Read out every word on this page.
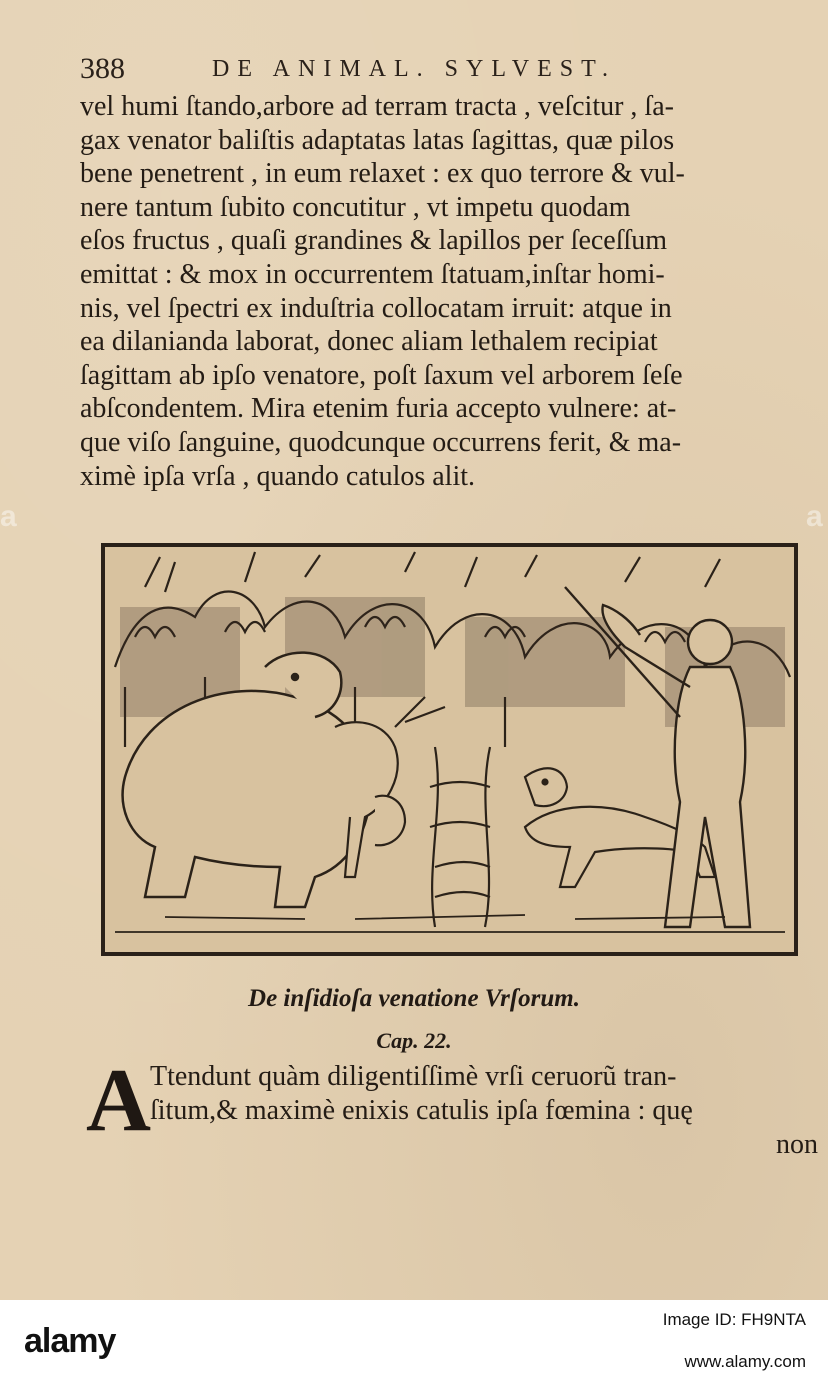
388	DE ANIMAL. SYLVEST.
vel humi ſtando,arbore ad terram tracta , veſcitur , ſa-
gax venator baliſtis adaptatas latas ſagittas, quæ pilos
bene penetrent , in eum relaxet : ex quo terrore & vul-
nere tantum ſubito concutitur , vt impetu quodam
eſos fructus , quaſi grandines & lapillos per ſeceſſum
emittat : & mox in occurrentem ſtatuam,inſtar homi-
nis, vel ſpectri ex induſtria collocatam irruit: atque in
ea dilanianda laborat, donec aliam lethalem recipiat
ſagittam ab ipſo venatore, poſt ſaxum vel arborem ſeſe
abſcondentem. Mira etenim furia accepto vulnere: at-
que viſo ſanguine, quodcunque occurrens ferit, & ma-
ximè ipſa vrſa , quando catulos alit.
De inſidioſa venatione Vrſorum.
Cap. 22.
A Ttendunt quàm diligentiſſimè vrſi ceruorũ tran-
ſitum,& maximè enixis catulis ipſa fœmina : quę
non
a	a
alamy
Image ID: FH9NTA
www.alamy.com
